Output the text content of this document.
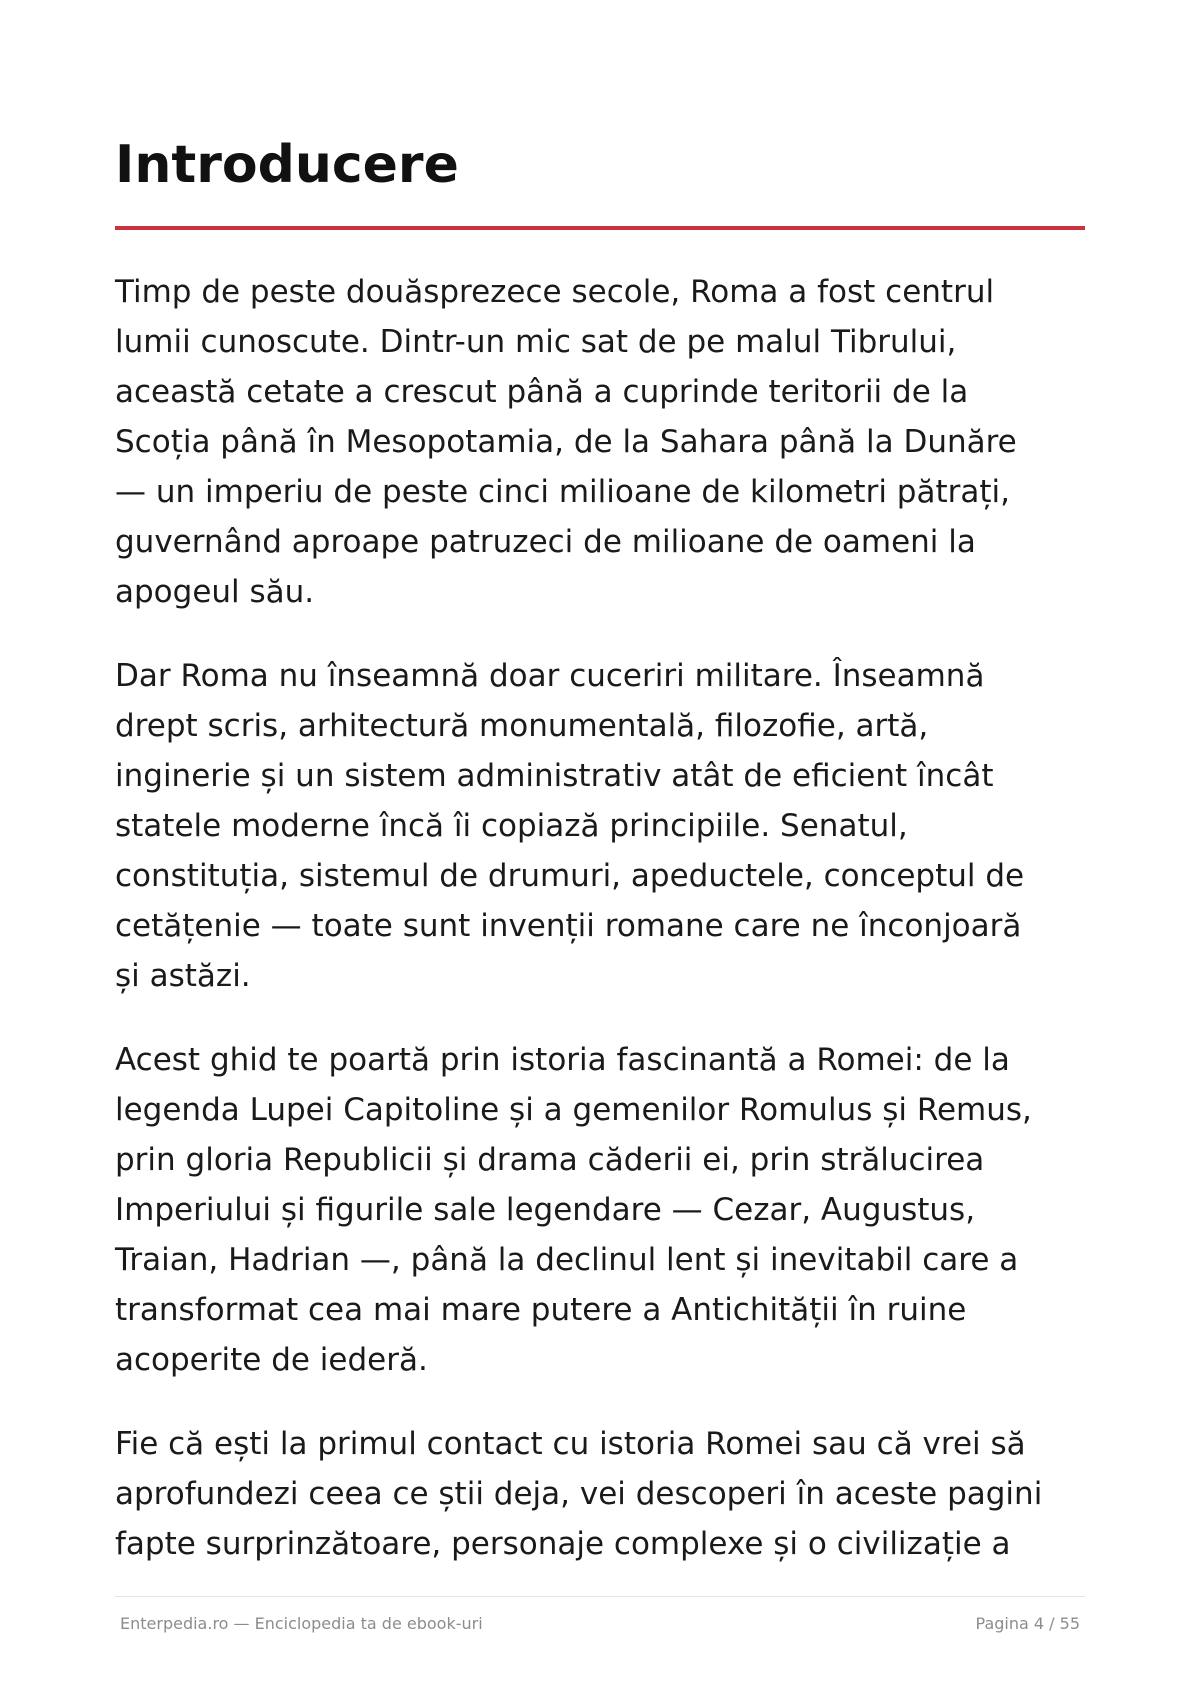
Introducere

Timp de peste douăsprezece secole, Roma a fost centrul
lumii cunoscute. Dintr-un mic sat de pe malul Tibrului,
această cetate a crescut până a cuprinde teritorii de la
Scoția până în Mesopotamia, de la Sahara până la Dunăre
— un imperiu de peste cinci milioane de kilometri pătrați,
guvernând aproape patruzeci de milioane de oameni la
apogeul său.

Dar Roma nu înseamnă doar cuceriri militare. Înseamnă
drept scris, arhitectură monumentală, filozofie, artă,
inginerie și un sistem administrativ atât de eficient încât
statele moderne încă îi copiază principiile. Senatul,
constituția, sistemul de drumuri, apeductele, conceptul de
cetățenie — toate sunt invenții romane care ne înconjoară
și astăzi.

Acest ghid te poartă prin istoria fascinantă a Romei: de la
legenda Lupei Capitoline și a gemenilor Romulus și Remus,
prin gloria Republicii și drama căderii ei, prin strălucirea
Imperiului și figurile sale legendare — Cezar, Augustus,
Traian, Hadrian —, până la declinul lent și inevitabil care a
transformat cea mai mare putere a Antichității în ruine
acoperite de iederă.

Fie că ești la primul contact cu istoria Romei sau că vrei să
aprofundezi ceea ce știi deja, vei descoperi în aceste pagini
fapte surprinzătoare, personaje complexe și o civilizație a

Enterpedia.ro — Enciclopedia ta de ebook-uri	Pagina 4 / 55
